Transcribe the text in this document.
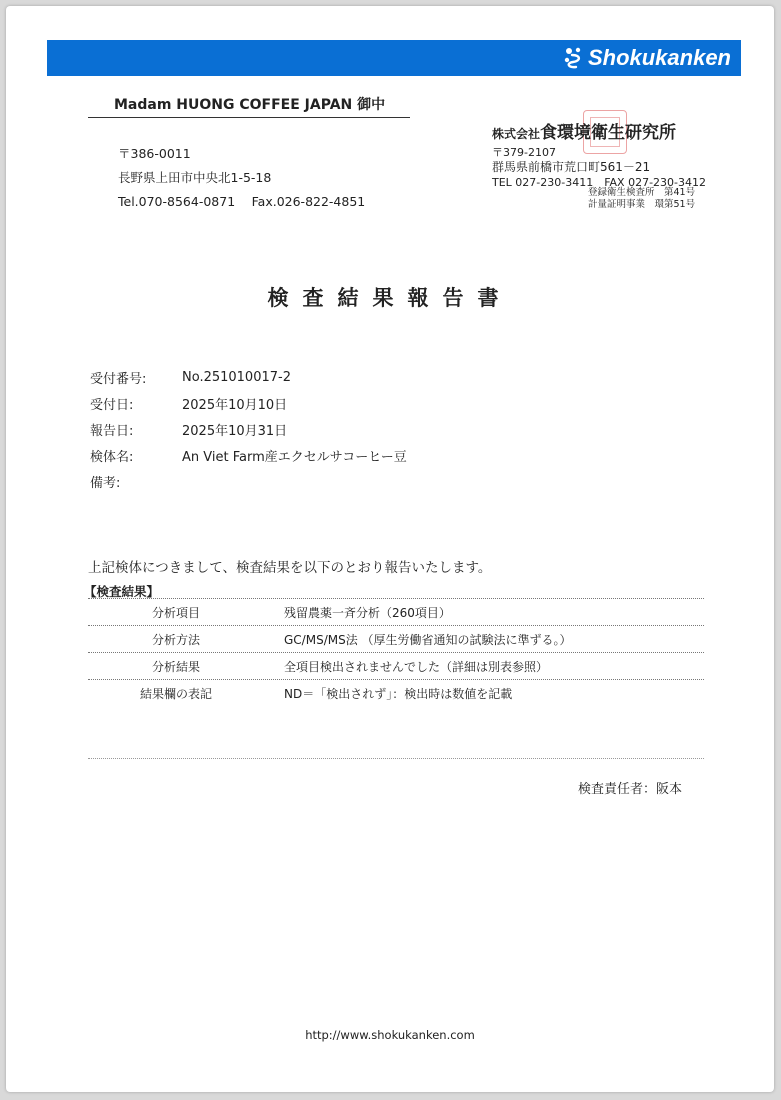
Shokukanken
Madam HUONG COFFEE JAPAN 御中
〒386-0011
長野県上田市中央北1-5-18
Tel.070-8564-0871　 Fax.026-822-4851
株式会社食環境衛生研究所
〒379-2107
群馬県前橋市荒口町561－21
TEL 027-230-3411　FAX 027-230-3412
登録衛生検査所　第41号
計量証明事業　環第51号
検査結果報告書
受付番号:	No.251010017-2
受付日:	2025年10月10日
報告日:	2025年10月31日
検体名:	An Viet Farm産エクセルサコーヒー豆
備考:
上記検体につきまして、検査結果を以下のとおり報告いたします。
【検査結果】
分析項目	残留農薬一斉分析（260項目）
分析方法	GC/MS/MS法 （厚生労働省通知の試験法に準ずる。）
分析結果	全項目検出されませんでした（詳細は別表参照）
結果欄の表記	ND＝「検出されず」：検出時は数値を記載
検査責任者：阪本
http://www.shokukanken.com
